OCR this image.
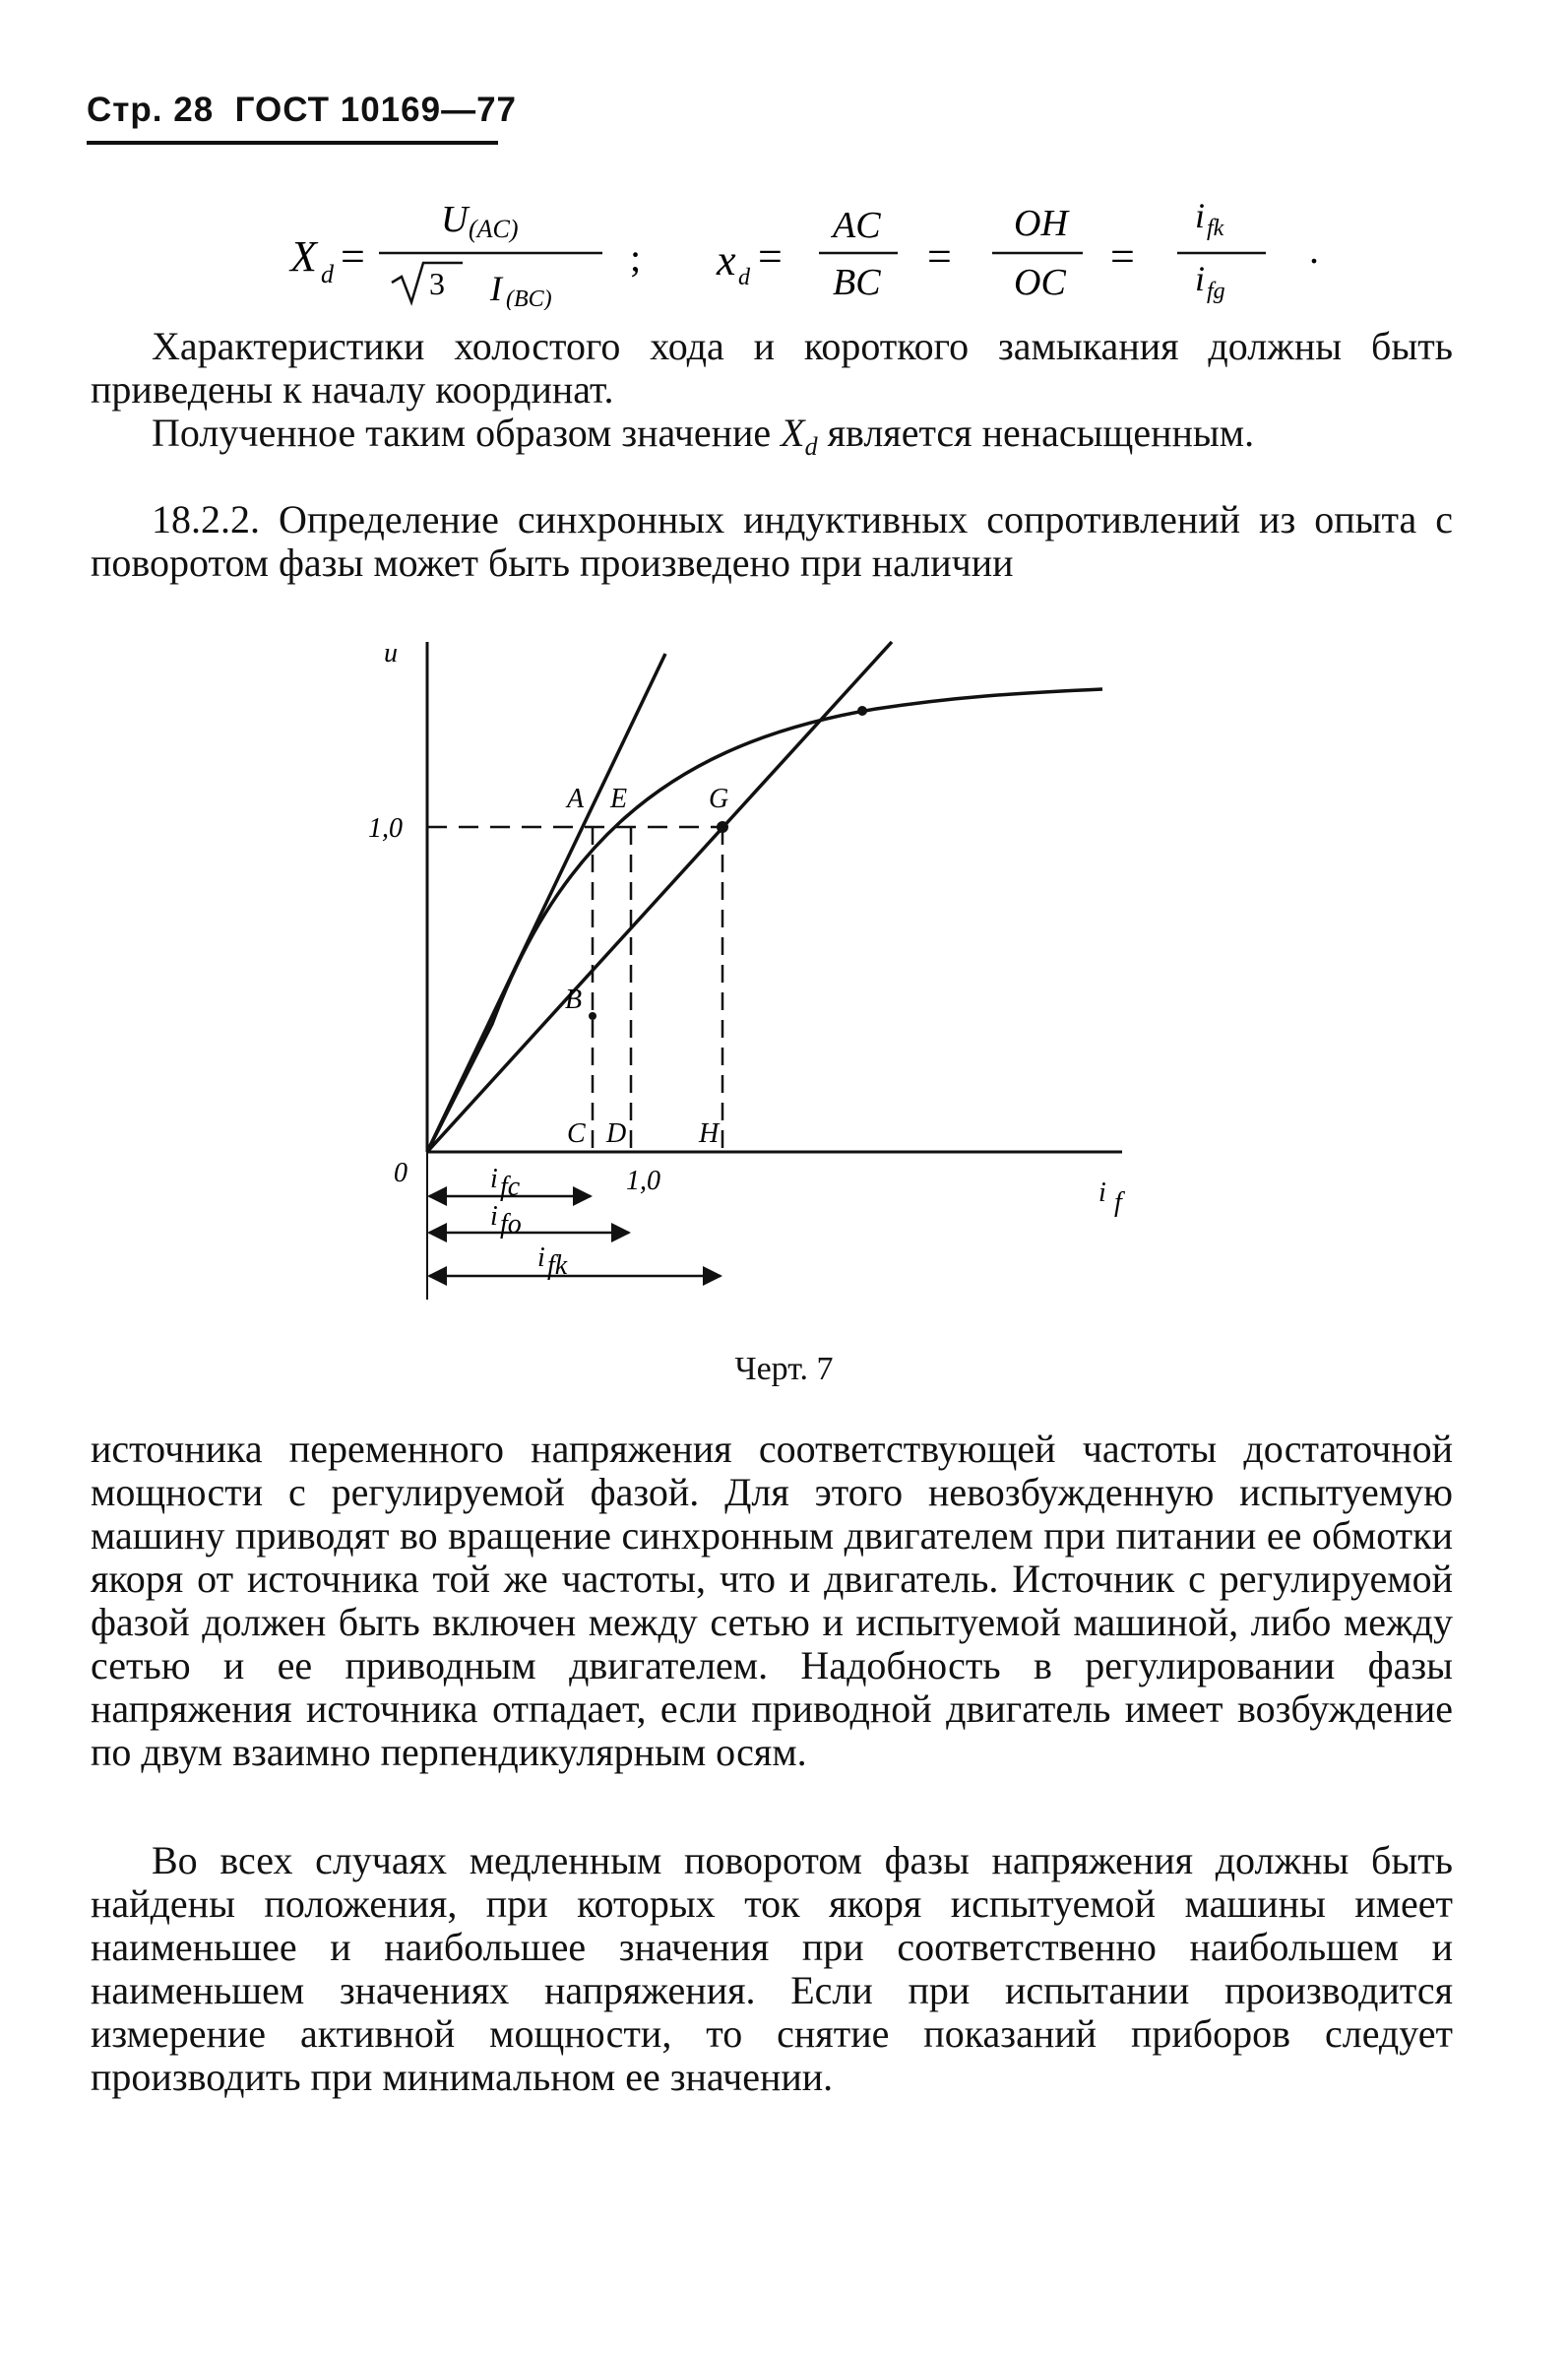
Стр. 28 ГОСТ 10169—77
X d =
U (AC)
3 I (BC)
; x d =
AC
BC
=
OH
OC
=
i fk
i fg
.

Характеристики холостого хода и короткого замыкания должны быть приведены к началу координат.

Полученное таким образом значение $X_d$ является ненасыщенным.

18.2.2. Определение синхронных индуктивных сопротивлений из опыта с поворотом фазы может быть произведено при наличии

u
i f
0
1,0
A E	G
B
C D	H
1,0
i fc
i fo
i fk
Черт. 7

источника переменного напряжения соответствующей частоты достаточной мощности с регулируемой фазой. Для этого невозбужденную испытуемую машину приводят во вращение синхронным двигателем при питании ее обмотки якоря от источника той же частоты, что и двигатель. Источник с регулируемой фазой должен быть включен между сетью и испытуемой машиной, либо между сетью и ее приводным двигателем. Надобность в регулировании фазы напряжения источника отпадает, если приводной двигатель имеет возбуждение по двум взаимно перпендикулярным осям.

Во всех случаях медленным поворотом фазы напряжения должны быть найдены положения, при которых ток якоря испытуемой машины имеет наименьшее и наибольшее значения при соответственно наибольшем и наименьшем значениях напряжения. Если при испытании производится измерение активной мощности, то снятие показаний приборов следует производить при минимальном ее значении.
